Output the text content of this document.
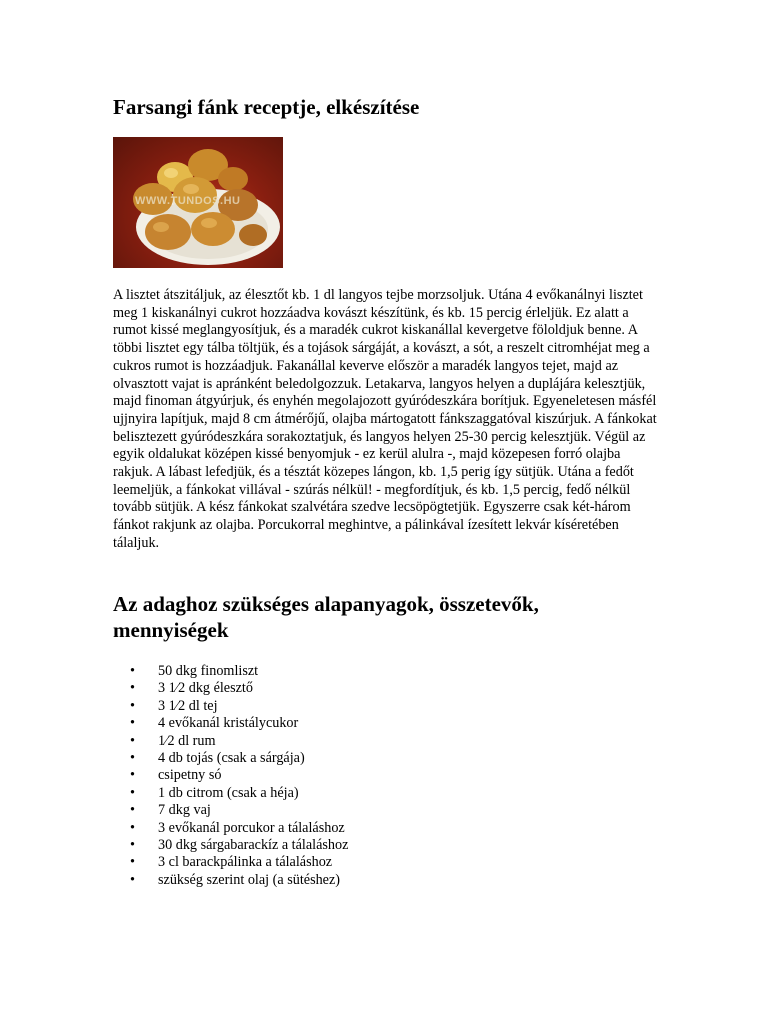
Farsangi fánk receptje, elkészítése
WWW.TUNDOS.HU

A lisztet átszitáljuk, az élesztőt kb. 1 dl langyos tejbe morzsoljuk. Utána 4 evőkanálnyi lisztet meg 1 kiskanálnyi cukrot hozzáadva kovászt készítünk, és kb. 15 percig érleljük. Ez alatt a rumot kissé meglangyosítjuk, és a maradék cukrot kiskanállal kevergetve föloldjuk benne. A többi lisztet egy tálba töltjük, és a tojások sárgáját, a kovászt, a sót, a reszelt citromhéjat meg a cukros rumot is hozzáadjuk. Fakanállal keverve először a maradék langyos tejet, majd az olvasztott vajat is apránként beledolgozzuk. Letakarva, langyos helyen a duplájára kelesztjük, majd finoman átgyúrjuk, és enyhén megolajozott gyúródeszkára borítjuk. Egyeneletesen másfél ujjnyira lapítjuk, majd 8 cm átmérőjű, olajba mártogatott fánkszaggatóval kiszúrjuk. A fánkokat belisztezett gyúródeszkára sorakoztatjuk, és langyos helyen 25-30 percig kelesztjük. Végül az egyik oldalukat középen kissé benyomjuk - ez kerül alulra -, majd közepesen forró olajba rakjuk. A lábast lefedjük, és a tésztát közepes lángon, kb. 1,5 perig így sütjük. Utána a fedőt leemeljük, a fánkokat villával - szúrás nélkül! - megfordítjuk, és kb. 1,5 percig, fedő nélkül tovább sütjük. A kész fánkokat szalvétára szedve lecsöpögtetjük. Egyszerre csak két-három fánkot rakjunk az olajba. Porcukorral meghintve, a pálinkával ízesített lekvár kíséretében tálaljuk.

Az adaghoz szükséges alapanyagok, összetevők, mennyiségek
• 50 dkg finomliszt
• 3 1⁄2 dkg élesztő
• 3 1⁄2 dl tej
• 4 evőkanál kristálycukor
• 1⁄2 dl rum
• 4 db tojás (csak a sárgája)
• csipetny só
• 1 db citrom (csak a héja)
• 7 dkg vaj
• 3 evőkanál porcukor a tálaláshoz
• 30 dkg sárgabarackíz a tálaláshoz
• 3 cl barackpálinka a tálaláshoz
• szükség szerint olaj (a sütéshez)
